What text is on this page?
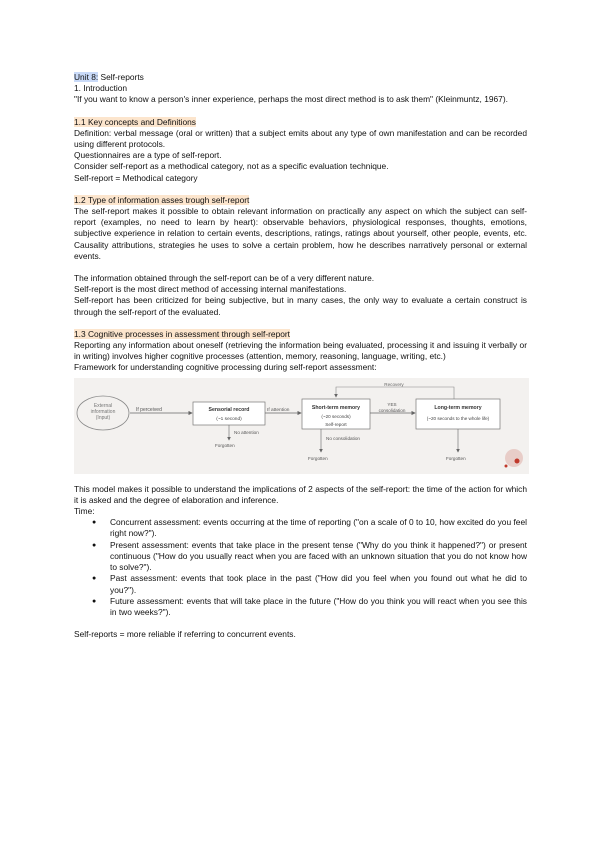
Unit 8: Self-reports
1. Introduction
"If you want to know a person's inner experience, perhaps the most direct method is to ask them" (Kleinmuntz, 1967).
1.1 Key concepts and Definitions
Definition: verbal message (oral or written) that a subject emits about any type of own manifestation and can be recorded using different protocols.
Questionnaires are a type of self-report.
Consider self-report as a methodical category, not as a specific evaluation technique.
Self-report = Methodical category
1.2 Type of information asses trough self-report
The self-report makes it possible to obtain relevant information on practically any aspect on which the subject can self-report (examples, no need to learn by heart): observable behaviors, physiological responses, thoughts, emotions, subjective experience in relation to certain events, descriptions, ratings, ratings about yourself, other people, events, etc. Causality attributions, strategies he uses to solve a certain problem, how he describes narratively personal or external events.
The information obtained through the self-report can be of a very different nature.
Self-report is the most direct method of accessing internal manifestations.
Self-report has been criticized for being subjective, but in many cases, the only way to evaluate a certain construct is through the self-report of the evaluated.
1.3 Cognitive processes in assessment through self-report
Reporting any information about oneself (retrieving the information being evaluated, processing it and issuing it verbally or in writing) involves higher cognitive processes (attention, memory, reasoning, language, writing, etc.)
Framework for understanding cognitive processing during self-report assessment:
External information (Input)
If perceived	Sensorial record
(~1 second)
No attention
Forgotten
If attention	Short-term memory
(~20 seconds)
Self-report
No consolidation
Forgotten
YES
consolidation
Recovery
Long-term memory
(~20 seconds to the whole life)
Forgotten
This model makes it possible to understand the implications of 2 aspects of the self-report: the time of the action for which it is asked and the degree of elaboration and inference.
Time:
● Concurrent assessment: events occurring at the time of reporting ("on a scale of 0 to 10, how excited do you feel right now?").
● Present assessment: events that take place in the present tense ("Why do you think it happened?") or present continuous ("How do you usually react when you are faced with an unknown situation that you do not know how to solve?").
● Past assessment: events that took place in the past ("How did you feel when you found out what he did to you?").
● Future assessment: events that will take place in the future ("How do you think you will react when you see this in two weeks?").
Self-reports = more reliable if referring to concurrent events.
